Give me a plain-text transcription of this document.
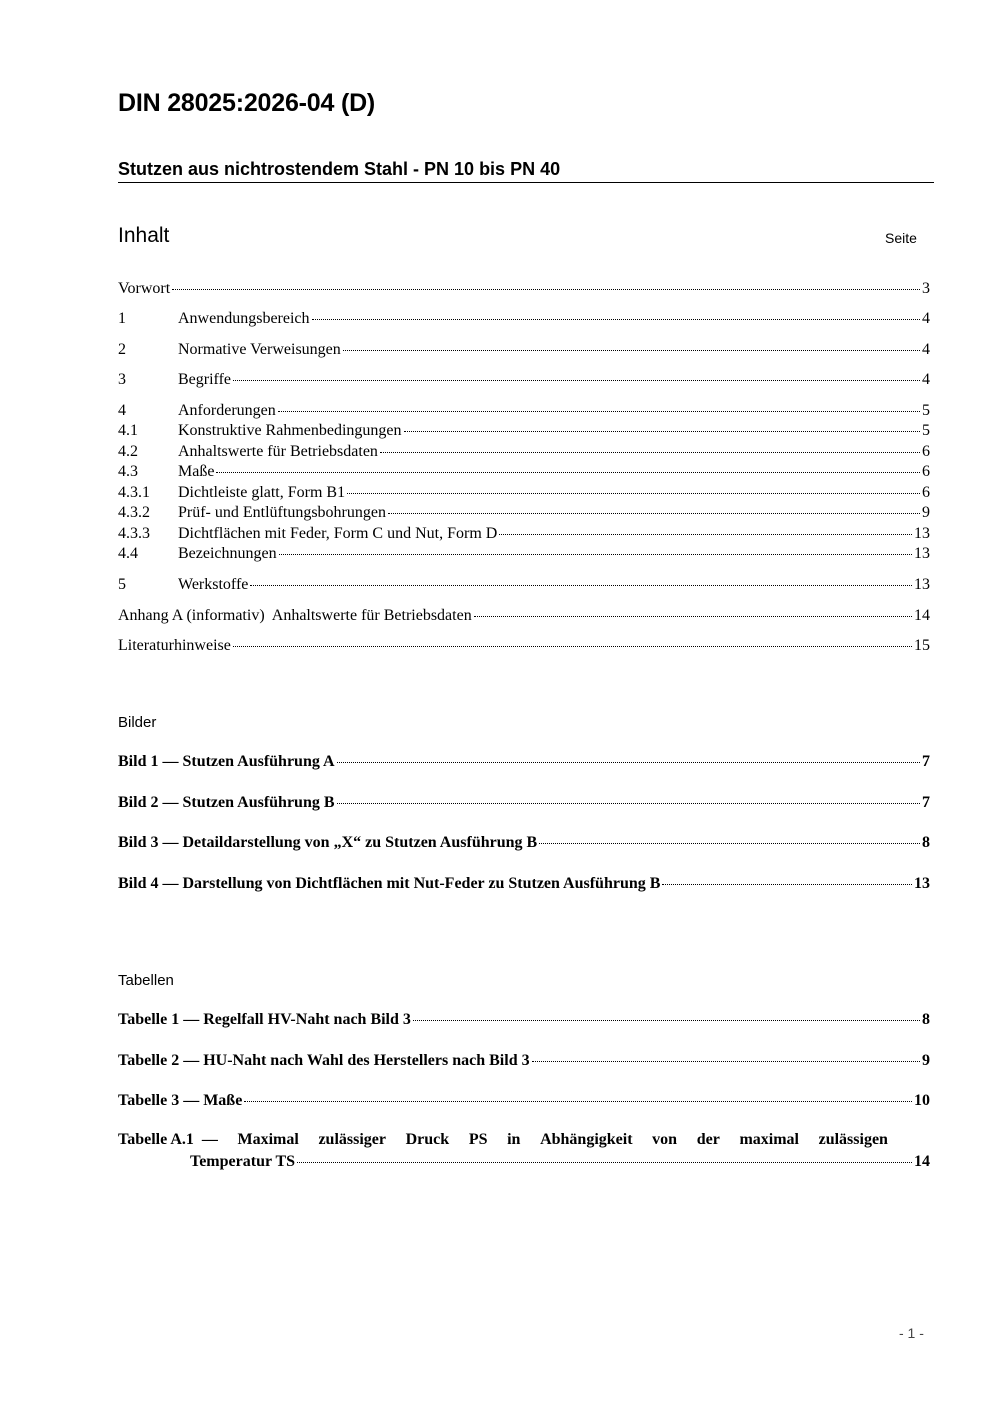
DIN 28025:2026-04 (D)
Stutzen aus nichtrostendem Stahl - PN 10 bis PN 40
Inhalt	Seite
Vorwort	3
1	Anwendungsbereich	4
2	Normative Verweisungen	4
3	Begriffe	4
4	Anforderungen	5
4.1	Konstruktive Rahmenbedingungen	5
4.2	Anhaltswerte für Betriebsdaten	6
4.3	Maße	6
4.3.1	Dichtleiste glatt, Form B1	6
4.3.2	Prüf- und Entlüftungsbohrungen	9
4.3.3	Dichtflächen mit Feder, Form C und Nut, Form D	13
4.4	Bezeichnungen	13
5	Werkstoffe	13
Anhang A (informativ)  Anhaltswerte für Betriebsdaten	14
Literaturhinweise	15
Bilder
Bild 1 — Stutzen Ausführung A	7
Bild 2 — Stutzen Ausführung B	7
Bild 3 — Detaildarstellung von „X“ zu Stutzen Ausführung B	8
Bild 4 — Darstellung von Dichtflächen mit Nut-Feder zu Stutzen Ausführung B	13
Tabellen
Tabelle 1 — Regelfall HV-Naht nach Bild 3	8
Tabelle 2 — HU-Naht nach Wahl des Herstellers nach Bild 3	9
Tabelle 3 — Maße	10
Tabelle A.1  — Maximal zulässiger Druck PS in Abhängigkeit von der maximal zulässigen
Temperatur TS	14
- 1 -
